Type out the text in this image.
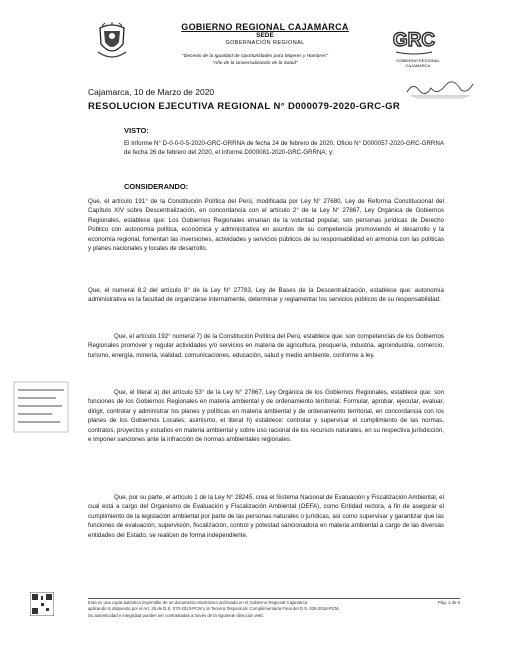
GOBIERNO REGIONAL CAJAMARCA
SEDE
GOBERNACIÓN REGIONAL
"Decenio de la Igualdad de Oportunidades para Mujeres y Hombres"
"Año de la Universalización de la Salud"
GRC
GOBIERNO REGIONAL CAJAMARCA
Cajamarca, 10 de Marzo de 2020
RESOLUCION EJECUTIVA REGIONAL N° D000079-2020-GRC-GR
VISTO:
El Informe N° D-0-0-0-5-2020-GRC-GRRNA de fecha 24 de febrero de 2020, Oficio N° D000057-2020-GRC-GRRNA de fecha 26 de febrero del 2020, el Informe D000081-2020-GRC-GRRNA; y;
CONSIDERANDO:
Que, el artículo 191° de la Constitución Política del Perú, modificada por Ley N° 27680, Ley de Reforma Constitucional del Capítulo XIV sobre Descentralización, en concordancia con el artículo 2° de la Ley N° 27867, Ley Orgánica de Gobiernos Regionales, establece que: Los Gobiernos Regionales emanan de la voluntad popular, son personas jurídicas de Derecho Público con autonomía política, económica y administrativa en asuntos de su competencia promoviendo el desarrollo y la economía regional, fomentan las inversiones, actividades y servicios públicos de su responsabilidad en armonía con las políticas y planes nacionales y locales de desarrollo.
Que, el numeral 8.2 del artículo 8° de la Ley N° 27783, Ley de Bases de la Descentralización, establece que: autonomía administrativa es la facultad de organizarse internamente, determinar y reglamentar los servicios públicos de su responsabilidad.
Que, el artículo 192° numeral 7) de la Constitución Política del Perú, establece que: son competencias de los Gobiernos Regionales promover y regular actividades y/o servicios en materia de agricultura, pesquería, industria, agroindustria, comercio, turismo, energía, minería, vialidad, comunicaciones, educación, salud y medio ambiente, conforme a ley.
Que, el literal a) del artículo 53° de la Ley N° 27867, Ley Orgánica de los Gobiernos Regionales, establece que: son funciones de los Gobiernos Regionales en materia ambiental y de ordenamiento territorial: Formular, aprobar, ejecutar, evaluar, dirigir, controlar y administrar los planes y políticas en materia ambiental y de ordenamiento territorial, en concordancia con los planes de los Gobiernos Locales; asimismo, el literal h) establece: controlar y supervisar el cumplimiento de las normas, contratos, proyectos y estudios en materia ambiental y sobre uso racional de los recursos naturales, en su respectiva jurisdicción, e imponer sanciones ante la infracción de normas ambientales regionales.
Que, por su parte, el artículo 1 de la Ley N° 28245, crea el Sistema Nacional de Evaluación y Fiscalización Ambiental, el cual está a cargo del Organismo de Evaluación y Fiscalización Ambiental (OEFA), como Entidad rectora, a fin de asegurar el cumplimiento de la legislación ambiental por parte de las personas naturales o jurídicas, así como supervisar y garantizar que las funciones de evaluación, supervisión, fiscalización, control y potestad sancionadora en materia ambiental a cargo de las diversas entidades del Estado, se realicen de forma independiente,
Esta es una copia auténtica imprimible de un documento electrónico archivado en el Gobierno Regional Cajamarca	Pág. 1 de 6
aplicando lo dispuesto por el Art. 25 de D.S. 070-2013-PCM y la Tercera Disposición Complementaria Final del D.S. 026-2016-PCM.
Su autenticidad e integridad pueden ser contrastadas a través de la siguiente dirección web:
